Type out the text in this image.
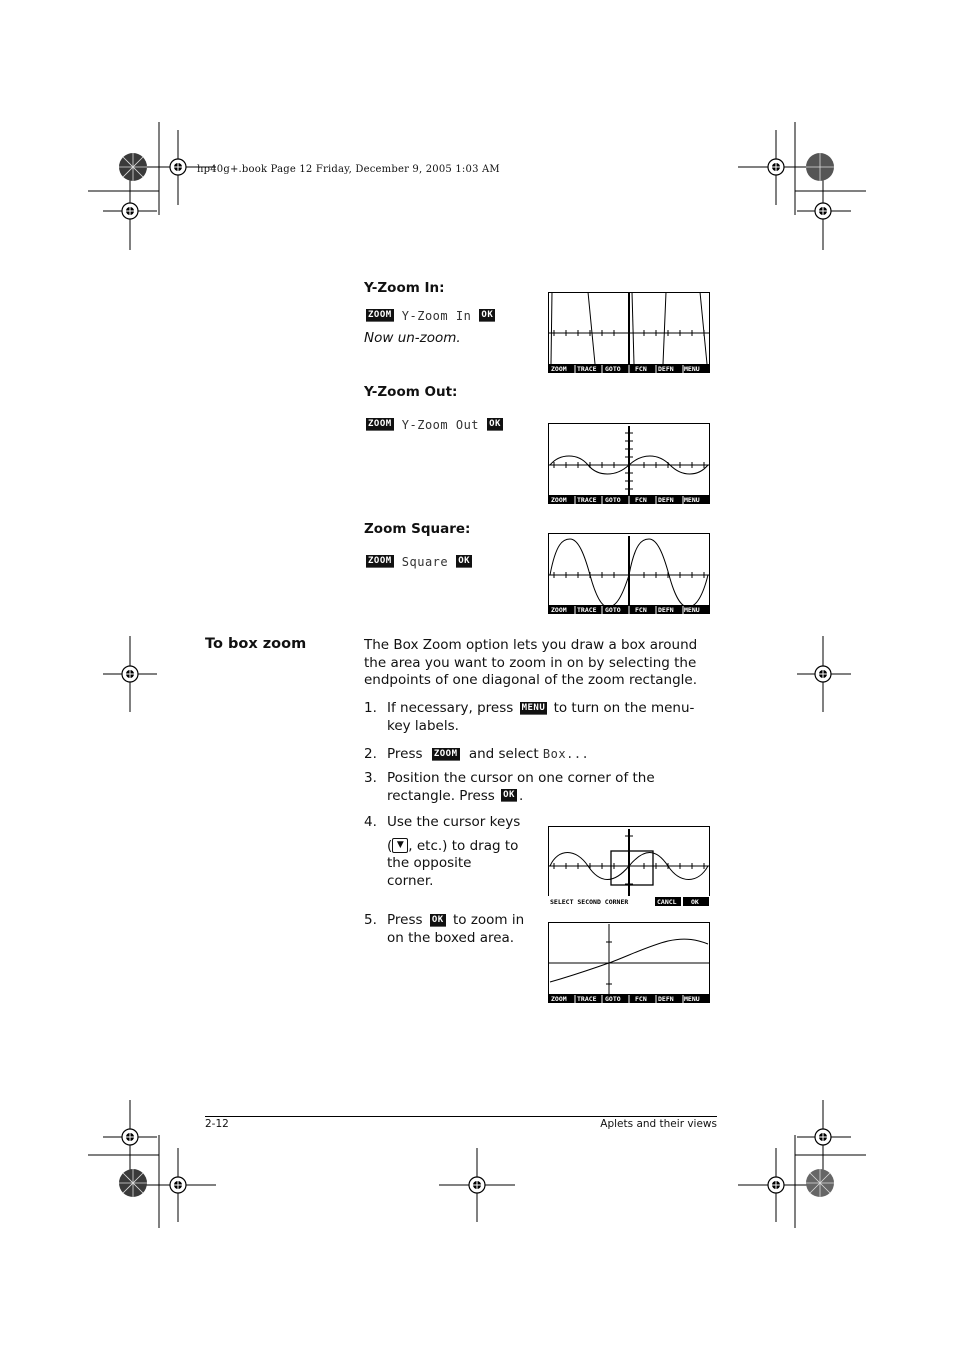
hp40g+.book Page 12 Friday, December 9, 2005 1:03 AM
Y-Zoom In:
ZOOM Y-Zoom In OK
Now un-zoom.
ZOOM TRACE GOTO FCN DEFN MENU
Y-Zoom Out:
ZOOM Y-Zoom Out OK
ZOOM TRACE GOTO FCN DEFN MENU
Zoom Square:
ZOOM Square OK
ZOOM TRACE GOTO FCN DEFN MENU
To box zoom	The Box Zoom option lets you draw a box around the area you want to zoom in on by selecting the endpoints of one diagonal of the zoom rectangle.
1. If necessary, press MENU to turn on the menu-key labels.
2. Press ZOOM and select Box...
3. Position the cursor on one corner of the rectangle. Press OK .
4. Use the cursor keys
( ▼ , etc.) to drag to the opposite corner.
SELECT SECOND CORNER	CANCL OK
5. Press OK to zoom in on the boxed area.
ZOOM TRACE GOTO FCN DEFN MENU
2-12	Aplets and their views
